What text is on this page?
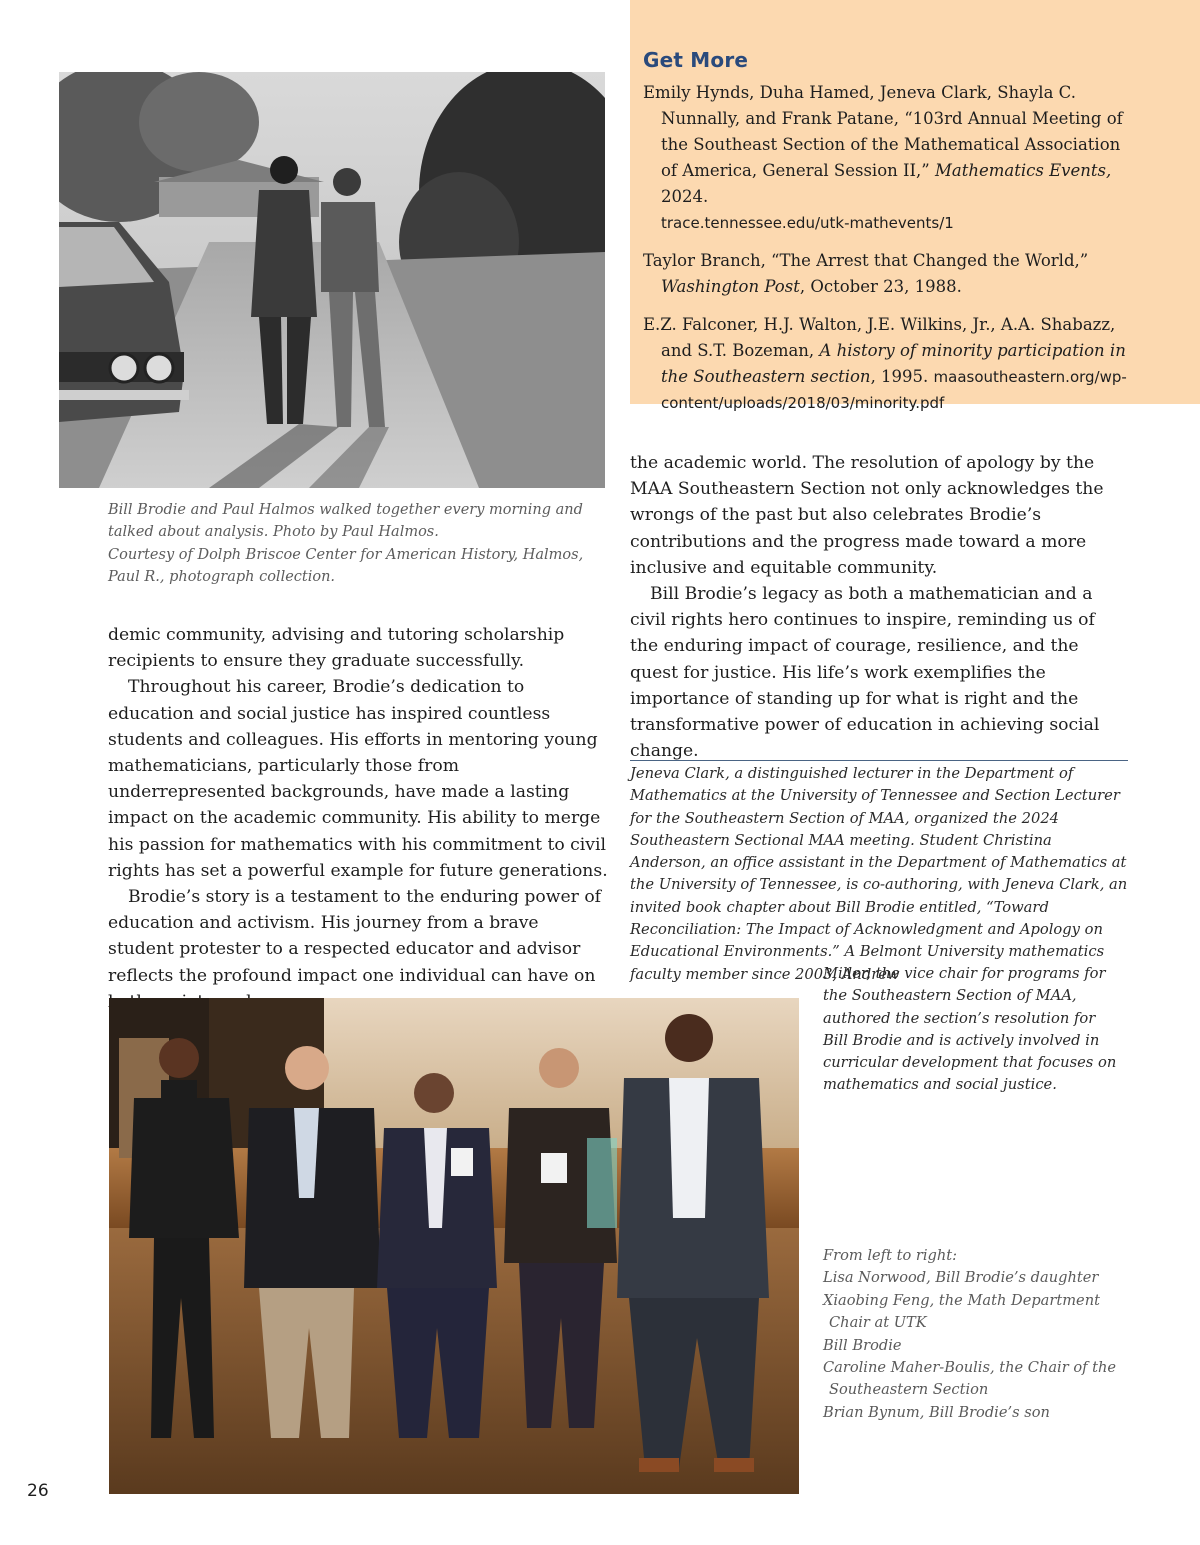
Get More

Emily Hynds, Duha Hamed, Jeneva Clark, Shayla C. Nunnally, and Frank Patane, “103rd Annual Meeting of the Southeast Section of the Mathematical Association of America, General Session II,” Mathematics Events, 2024.
trace.tennessee.edu/utk-mathevents/1

Taylor Branch, “The Arrest that Changed the World,” Washington Post, October 23, 1988.

E.Z. Falconer, H.J. Walton, J.E. Wilkins, Jr., A.A. Shabazz, and S.T. Bozeman, A history of minority participation in the Southeastern section, 1995. maasoutheastern.org/wp-content/uploads/2018/03/minority.pdf

Bill Brodie and Paul Halmos walked together every morning and talked about analysis. Photo by Paul Halmos.
Courtesy of Dolph Briscoe Center for American History, Halmos, Paul R., photograph collection.

demic community, advising and tutoring scholarship recipients to ensure they graduate successfully.

Throughout his career, Brodie’s dedication to education and social justice has inspired countless students and colleagues. His efforts in mentoring young mathematicians, particularly those from underrepresented backgrounds, have made a lasting impact on the academic community. His ability to merge his passion for mathematics with his commitment to civil rights has set a powerful example for future generations.

Brodie’s story is a testament to the enduring power of education and activism. His journey from a brave student protester to a respected educator and advisor reflects the profound impact one individual can have on

the academic world. The resolution of apology by the MAA Southeastern Section not only acknowledges the wrongs of the past but also celebrates Brodie’s contributions and the progress made toward a more inclusive and equitable community.

Bill Brodie’s legacy as both a mathematician and a civil rights hero continues to inspire, reminding us of the enduring impact of courage, resilience, and the quest for justice. His life’s work exemplifies the importance of standing up for what is right and the transformative power of education in achieving social change.

Jeneva Clark, a distinguished lecturer in the Department of Mathematics at the University of Tennessee and Section Lecturer for the Southeastern Section of MAA, organized the 2024 Southeastern Sectional MAA meeting. Student Christina Anderson, an office assistant in the Department of Mathematics at the University of Tennessee, is co-authoring, with Jeneva Clark, an invited book chapter about Bill Brodie entitled, “Toward Reconciliation: The Impact of Acknowledgment and Apology on Educational Environments.” A Belmont University mathematics faculty member since 2003, Andrew
Miller, the vice chair for programs for the Southeastern Section of MAA, authored the section’s resolution for Bill Brodie and is actively involved in curricular development that focuses on mathematics and social justice.
From left to right:
Lisa Norwood, Bill Brodie’s daughter
Xiaobing Feng, the Math Department
Chair at UTK
Bill Brodie
Caroline Maher-Boulis, the Chair of the
Southeastern Section
Brian Bynum, Bill Brodie’s son
26
